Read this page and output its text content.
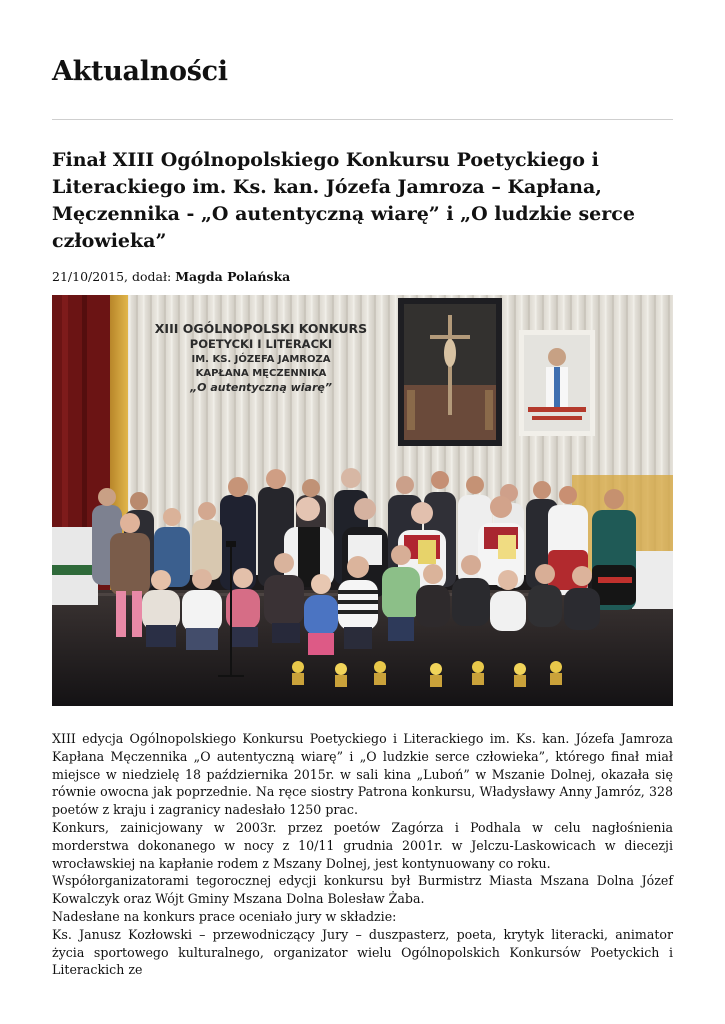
Aktualności
Finał XIII Ogólnopolskiego Konkursu Poetyckiego i Literackiego im. Ks. kan. Józefa Jamroza – Kapłana, Męczennika - „O autentyczną wiarę” i „O ludzkie serce człowieka”
21/10/2015, dodał: Magda Polańska
XIII OGÓLNOPOLSKI KONKURS
POETYCKI I LITERACKI
IM. KS. JÓZEFA JAMROZA
KAPŁANA MĘCZENNIKA
„O autentyczną wiarę”

XIII edycja Ogólnopolskiego Konkursu Poetyckiego i Literackiego im. Ks. kan. Józefa Jamroza Kapłana Męczennika „O autentyczną wiarę” i „O ludzkie serce człowieka”, którego finał miał miejsce w niedzielę 18 października 2015r. w sali kina „Luboń” w Mszanie Dolnej, okazała się równie owocna jak poprzednie. Na ręce siostry Patrona konkursu, Władysławy Anny Jamróz, 328 poetów z kraju i zagranicy nadesłało 1250 prac.

Konkurs, zainicjowany w 2003r. przez poetów Zagórza i Podhala w celu nagłośnienia morderstwa dokonanego w nocy z 10/11 grudnia 2001r. w Jelczu-Laskowicach w diecezji wrocławskiej na kapłanie rodem z Mszany Dolnej, jest kontynuowany co roku.

Współorganizatorami tegorocznej edycji konkursu był Burmistrz Miasta Mszana Dolna Józef Kowalczyk oraz Wójt Gminy Mszana Dolna Bolesław Żaba.

Nadesłane na konkurs prace oceniało jury w składzie:

Ks. Janusz Kozłowski – przewodniczący Jury – duszpasterz, poeta, krytyk literacki, animator życia sportowego kulturalnego, organizator wielu Ogólnopolskich Konkursów Poetyckich i Literackich ze
